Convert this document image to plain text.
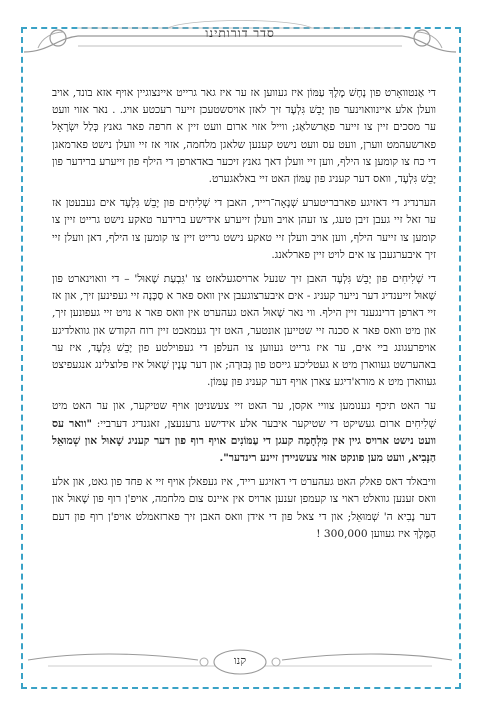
סדר דורותינו

די אַנטוואָרט פון נָחָשׁ מֶלֶךְ עַמּוֹן איז געווען אז ער איז גאר גרייט איינצוגיין אויף אזא בונד, אויב וועלן אלע איינוואוינער פון יָבֵשׁ גִּלְעָד זיך לאזן אויסשטעכן זייער רעכטע אויג. . נאר אזוי וועט ער מסכים זיין צו זייער פאַרשלאַג; ווייל אזוי ארום וועט זיין א חרפה פאר גאנץ כְּלַל יִשְׂרָאֵל פארשעהמט ווערן, וועט עס וועט נישט קענען שלאגן מלחמה, אזוי אז זיי וועלן נישט פארמאגן די כח צו קומען צו הילף, ווען זיי וועלן דאך גאנץ זיכער באדארפן די הילף פון זייערע ברידער פון יָבֵשׁ גִּלְעָד, וואס דער קעניג פון עַמּוֹן האט זיי באלאגערט.

הערנדיג די דאזיגע פארבריטערע שְׁנָאָה־רייד, האבן די שְׁלִיחִים פון יָבֵשׁ גִּלְעָד אים געבעטן אז ער זאל זיי געבן זיבן טעג, צו זעהן אויב וועלן זייערע אידישע ברידער טאקע נישט גרייט זיין צו קומען צו זייער הילף, ווען אויב וועלן זיי טאקע נישט גרייט זיין צו קומען צו הילף, דאן וועלן זיי זיך איבערגעבן צו אים לויט זיין פארלאנג.

די שְׁלִיחִים פון יָבֵשׁ גִּלְעָד האבן זיך שנעל ארויסגעלאזט צו 'גִּבְעַת שָׁאוּל' – די וואוינארט פון שָׁאוּל זייענדיג דער נייער קעניג - אים איבערצוגעבן אין וואס פאר א סַכָּנָה זיי געפינען זיך, און אז זיי דארפן דרינגענד זיין הילף. ווי נאר שָׁאוּל האט געהערט אין וואס פאר א נויט זיי געפונען זיך, און מיט וואס פאר א סכנה זיי שטייען אונטער, האט זיך געמאכט זיין רוח הקודש און גוואלדיגע אויפרעגונג ביי אים, ער איז גרייט געווען צו העלפן די געפוילטע פון יָבֵשׁ גִּלְעָד, איז ער באהערשט געווארן מיט א געטליכע גייסט פון גְּבוּרָה; און דער עֶנֶין שָׁאוּל איז פלוצלינג אנגעפיצט געווארן מיט א מורא'דיגע צארן אויף דער קעניג פון עַמּוֹן.

ער האט תיכף גענומען צוויי אקסן, ער האט זיי צעשניטן אויף שטיקער, און ער האט מיט שְׁלִיחִים ארום געשיקט די שטיקער איבער אלע אידישע גרענעצן, זאגנדיג דערביי: "וואר עס וועט נישט ארויס גיין אין מִלְחָמָה קעגן די עַמּוֹנִים אויף רוף פון דער קעניג שָׁאוּל און שְׁמוּאֵל הַנָּבִיא, וועט מען פונקט אזוי צעשניידן זיינע רינדער".

וויבאלד דאס פאלק האט געהערט די דאזיגע רייד, איז געפאלן אויף זיי א פחד פון גאט, און אלע וואס זענען גוואלט ראוי צו קעמפן זענען ארויס אין איינס צום מלחמה, אויפ'ן רוף פון שָׁאוּל און דער נָבִיא ה' שְׁמוּאֵל; און די צאל פון די אידן וואס האבן זיך פארזאמלט אויפ'ן רוף פון דעם הַמֶּלֶךְ איז געווען 300,000 !

קנו
